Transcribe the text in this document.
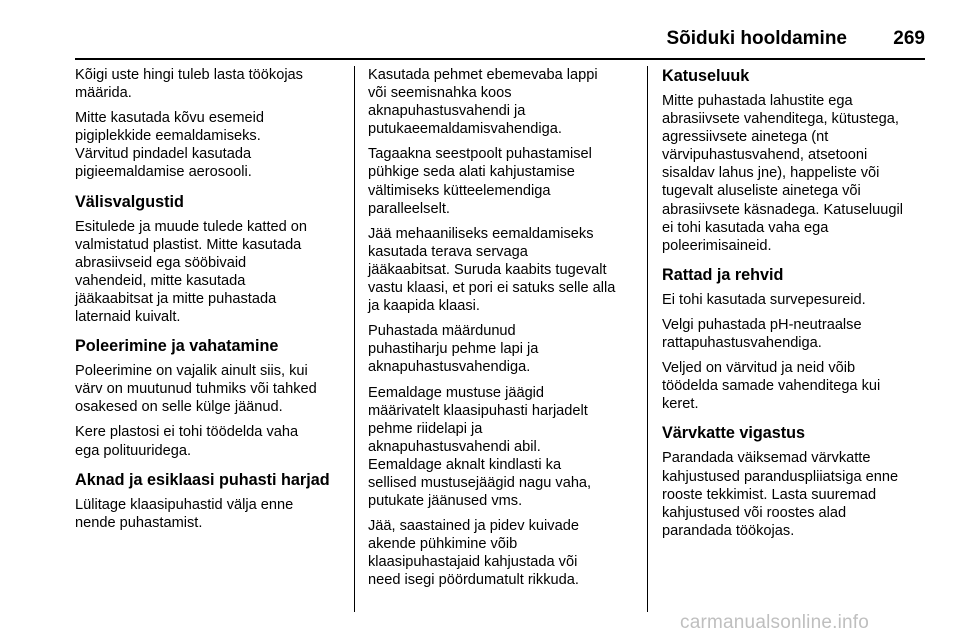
Sõiduki hooldamine 269
Kõigi uste hingi tuleb lasta töökojas
määrida.
Mitte kasutada kõvu esemeid
pigiplekkide eemaldamiseks.
Värvitud pindadel kasutada
pigieemaldamise aerosooli.
Välisvalgustid
Esitulede ja muude tulede katted on
valmistatud plastist. Mitte kasutada
abrasiivseid ega sööbivaid
vahendeid, mitte kasutada
jääkaabitsat ja mitte puhastada
laternaid kuivalt.
Poleerimine ja vahatamine
Poleerimine on vajalik ainult siis, kui
värv on muutunud tuhmiks või tahked
osakesed on selle külge jäänud.
Kere plastosi ei tohi töödelda vaha
ega polituuridega.
Aknad ja esiklaasi puhasti harjad
Lülitage klaasipuhastid välja enne
nende puhastamist.
Kasutada pehmet ebemevaba lappi
või seemisnahka koos
aknapuhastusvahendi ja
putukaeemaldamisvahendiga.
Tagaakna seestpoolt puhastamisel
pühkige seda alati kahjustamise
vältimiseks kütteelemendiga
paralleelselt.
Jää mehaaniliseks eemaldamiseks
kasutada terava servaga
jääkaabitsat. Suruda kaabits tugevalt
vastu klaasi, et pori ei satuks selle alla
ja kaapida klaasi.
Puhastada määrdunud
puhastiharju pehme lapi ja
aknapuhastusvahendiga.
Eemaldage mustuse jäägid
määrivatelt klaasipuhasti harjadelt
pehme riidelapi ja
aknapuhastusvahendi abil.
Eemaldage aknalt kindlasti ka
sellised mustusejäägid nagu vaha,
putukate jäänused vms.
Jää, saastained ja pidev kuivade
akende pühkimine võib
klaasipuhastajaid kahjustada või
need isegi pöördumatult rikkuda.
Katuseluuk
Mitte puhastada lahustite ega
abrasiivsete vahenditega, kütustega,
agressiivsete ainetega (nt
värvipuhastusvahend, atsetooni
sisaldav lahus jne), happeliste või
tugevalt aluseliste ainetega või
abrasiivsete käsnadega. Katuseluugil
ei tohi kasutada vaha ega
poleerimisaineid.
Rattad ja rehvid
Ei tohi kasutada survepesureid.
Velgi puhastada pH-neutraalse
rattapuhastusvahendiga.
Veljed on värvitud ja neid võib
töödelda samade vahenditega kui
keret.
Värvkatte vigastus
Parandada väiksemad värvkatte
kahjustused paranduspliiatsiga enne
rooste tekkimist. Lasta suuremad
kahjustused või roostes alad
parandada töökojas.
carmanualsonline.info
